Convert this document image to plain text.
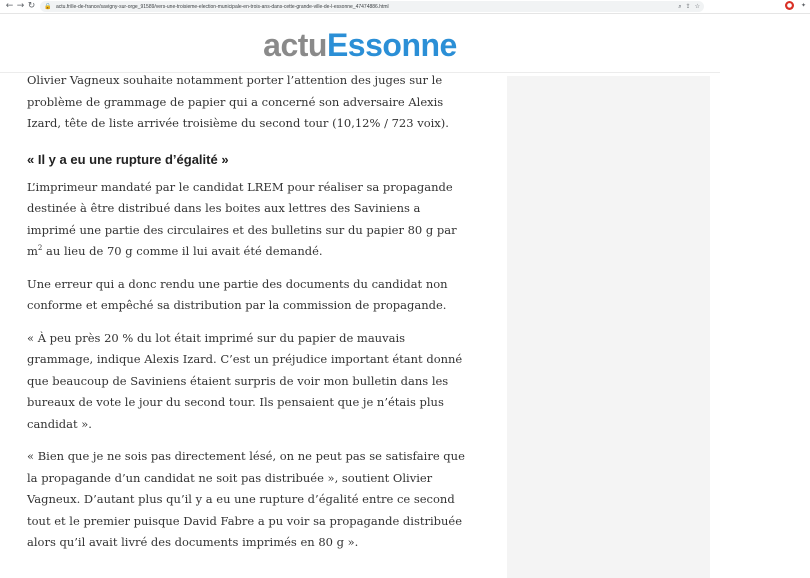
← → ↻ 🔒 actu.fr/ile-de-france/savigny-sur-orge_91589/vers-une-troisieme-election-municipale-en-trois-ans-dans-cette-grande-ville-de-l-essonne_47474886.html	⌕ ⇪ ☆	●	✦
actuEssonne

Olivier Vagneux souhaite notamment porter l’attention des juges sur le problème de grammage de papier qui a concerné son adversaire Alexis Izard, tête de liste arrivée troisième du second tour (10,12% / 723 voix).

« Il y a eu une rupture d’égalité »

L’imprimeur mandaté par le candidat LREM pour réaliser sa propagande destinée à être distribué dans les boites aux lettres des Saviniens a imprimé une partie des circulaires et des bulletins sur du papier 80 g par $m^2$ au lieu de 70 g comme il lui avait été demandé.

Une erreur qui a donc rendu une partie des documents du candidat non conforme et empêché sa distribution par la commission de propagande.

« À peu près 20 % du lot était imprimé sur du papier de mauvais grammage, indique Alexis Izard. C’est un préjudice important étant donné que beaucoup de Saviniens étaient surpris de voir mon bulletin dans les bureaux de vote le jour du second tour. Ils pensaient que je n’étais plus candidat ».

« Bien que je ne sois pas directement lésé, on ne peut pas se satisfaire que la propagande d’un candidat ne soit pas distribuée », soutient Olivier Vagneux. D’autant plus qu’il y a eu une rupture d’égalité entre ce second tout et le premier puisque David Fabre a pu voir sa propagande distribuée alors qu’il avait livré des documents imprimés en 80 g ».
